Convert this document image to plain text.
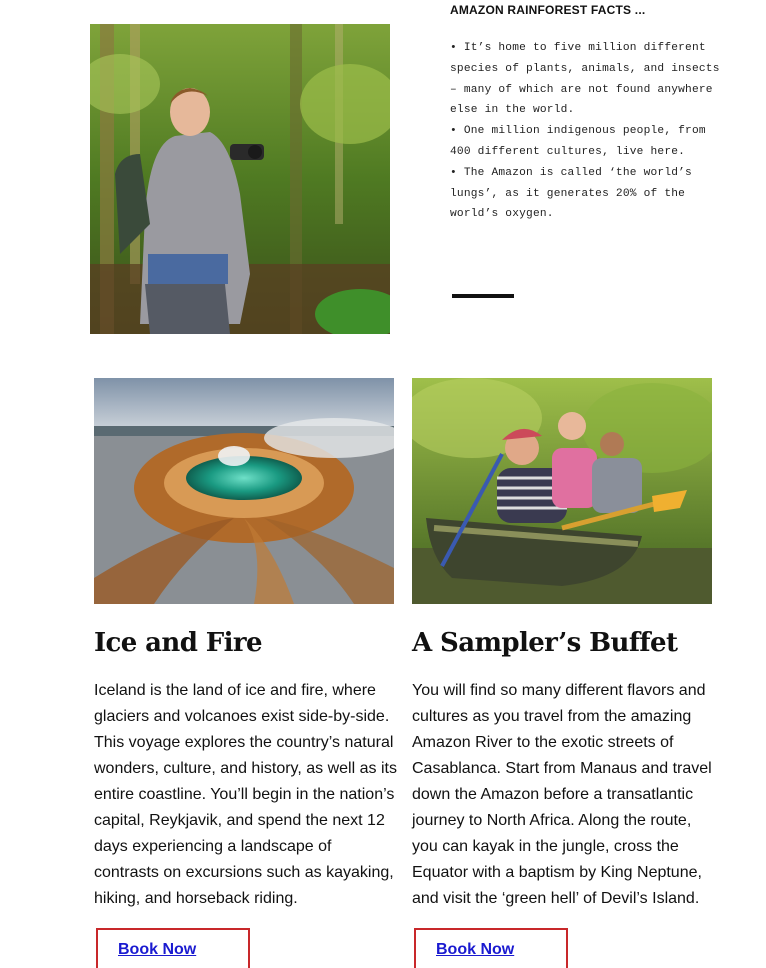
AMAZON RAINFOREST FACTS ...

• It’s home to five million different species of plants, animals, and insects – many of which are not found anywhere else in the world.

• One million indigenous people, from 400 different cultures, live here.

• The Amazon is called ‘the world’s lungs’, as it generates 20% of the world’s oxygen.

Ice and Fire
Iceland is the land of ice and fire, where glaciers and volcanoes exist side-by-side. This voyage explores the country’s natural wonders, culture, and history, as well as its entire coastline. You’ll begin in the nation’s capital, Reykjavik, and spend the next 12 days experiencing a landscape of contrasts on excursions such as kayaking, hiking, and horseback riding.
Book Now
A Sampler’s Buffet
You will find so many different flavors and cultures as you travel from the amazing Amazon River to the exotic streets of Casablanca. Start from Manaus and travel down the Amazon before a transatlantic journey to North Africa. Along the route, you can kayak in the jungle, cross the Equator with a baptism by King Neptune, and visit the ‘green hell’ of Devil’s Island.
Book Now
